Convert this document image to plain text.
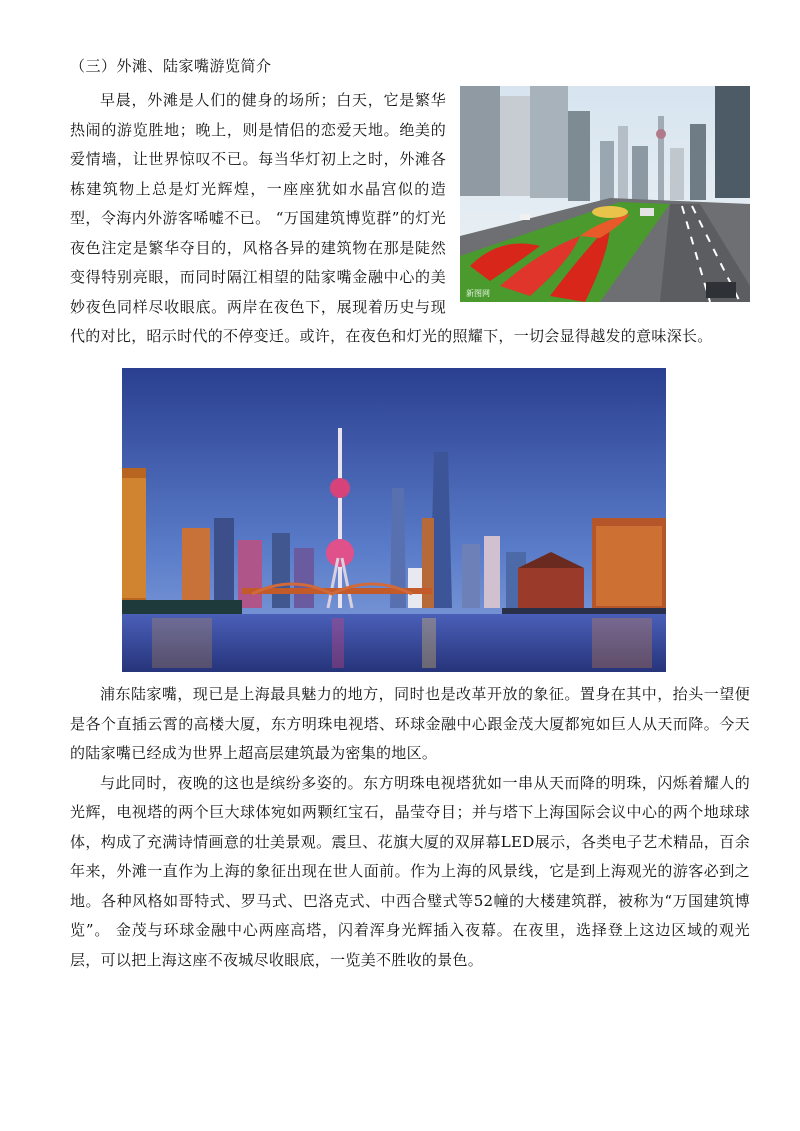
（三）外滩、陆家嘴游览简介
新图网

早晨，外滩是人们的健身的场所；白天，它是繁华热闹的游览胜地；晚上，则是情侣的恋爱天地。绝美的爱情墙，让世界惊叹不已。每当华灯初上之时，外滩各栋建筑物上总是灯光辉煌，一座座犹如水晶宫似的造型，令海内外游客唏嘘不已。 “万国建筑博览群”的灯光夜色注定是繁华夺目的，风格各异的建筑物在那是陡然变得特别亮眼，而同时隔江相望的陆家嘴金融中心的美妙夜色同样尽收眼底。两岸在夜色下，展现着历史与现代的对比，昭示时代的不停变迁。或许，在夜色和灯光的照耀下，一切会显得越发的意味深长。

浦东陆家嘴，现已是上海最具魅力的地方，同时也是改革开放的象征。置身在其中，抬头一望便是各个直插云霄的高楼大厦，东方明珠电视塔、环球金融中心跟金茂大厦都宛如巨人从天而降。今天的陆家嘴已经成为世界上超高层建筑最为密集的地区。

与此同时，夜晚的这也是缤纷多姿的。东方明珠电视塔犹如一串从天而降的明珠，闪烁着耀人的光辉，电视塔的两个巨大球体宛如两颗红宝石，晶莹夺目；并与塔下上海国际会议中心的两个地球球体，构成了充满诗情画意的壮美景观。震旦、花旗大厦的双屏幕LED展示，各类电子艺术精品，百余年来，外滩一直作为上海的象征出现在世人面前。作为上海的风景线，它是到上海观光的游客必到之地。各种风格如哥特式、罗马式、巴洛克式、中西合璧式等52幢的大楼建筑群，被称为“万国建筑博览”。 金茂与环球金融中心两座高塔，闪着浑身光辉插入夜幕。在夜里，选择登上这边区域的观光层，可以把上海这座不夜城尽收眼底，一览美不胜收的景色。
